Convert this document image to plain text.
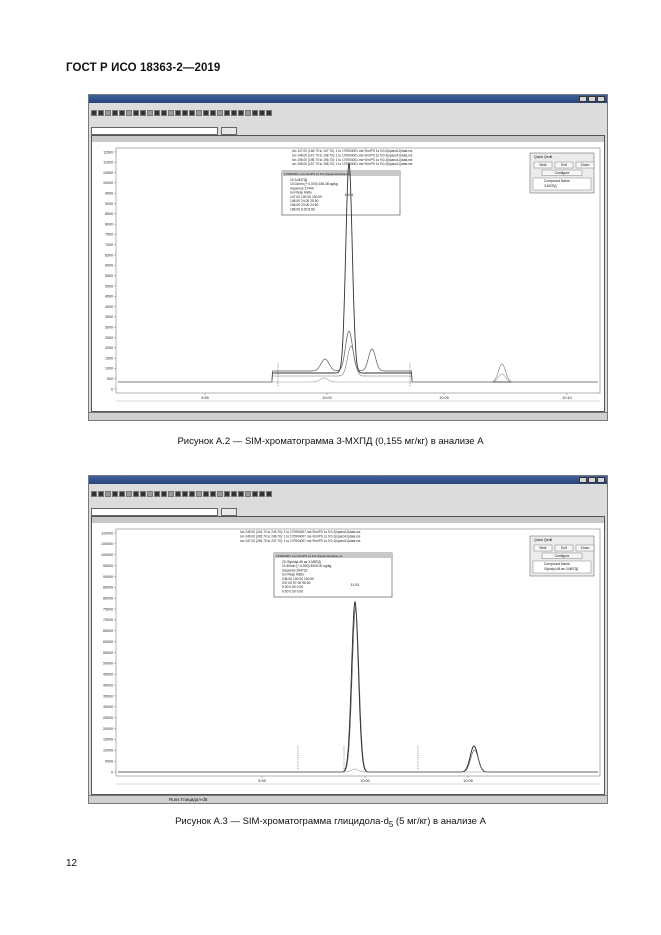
ГОСТ Р ИСО 18363-2—2019
11500
11000
10500
10000
9500
9000
8500
8000
7500
7000
6500
6000
5500
5000
4500
4000
3500
3000
2500
2000
1500
1000
500
0
9:55	10:00	10:05	10:10
Ion 147.00 (146.70 to 147.70): 1 to 170904001.ms+Sm/PS 1s 9:0-2(sparcA1)data.ms
Ion 148.00 (147.70 to 148.70): 1 to 170904001.ms+Sm/PS 1s 9:0-2(sparcA1)data.ms
Ion 196.00 (195.70 to 196.70): 1 to 170904001.ms+Sm/PS 1s 9:0-2(sparcA1)data.ms
Ion 198.00 (197.70 to 198.70): 1 to 170904001.ms+Sm/PS 1s 9:0-2(sparcA1)data.ms
170904001.ms+Sm/PS 1s 9:0-2(sparcA1)data.ms
10 3-МХПД
10.01min (+ 0.000) 155.38 ug/kg
response 17440
Ion Resp Ratio
147.00 100.00 100.00
148.00 24.00 25.50
196.00 23.00 24.50
198.00 8.00 8.50
Quick Qedit
Next	Exit	Zoom
Configure
Compound Name
3-МХПД
10:01
Рисунок А.2 — SIM-хроматограмма 3-МХПД (0,155 мг/кг) в анализе А
110000
105000
100000
95000
90000
85000
80000
75000
70000
65000
60000
55000
50000
45000
40000
35000
30000
25000
20000
15000
10000
5000
0
9:55	10:00	10:05
Ion 245.00 (244.70 to 245.70): 1 to 170904007.ms+Sm/PS 1s 9:0-2(sparcA1)data.ms
Ion 246.00 (245.70 to 246.70): 1 to 170904007.ms+Sm/PS 1s 9:0-2(sparcA1)data.ms
Ion 247.00 (246.70 to 247.70): 1 to 170904007.ms+Sm/PS 1s 9:0-2(sparcA1)data.ms
170904007.ms+Sm/PS 1s 9:0-2(sparcA1)data.ms
20 Glycidyl-d5 as 3-МБПД
11.50min (+ 0.000) 5000.00 ug/kg
response 294722
Ion Resp Ratio
245.00 100.00 100.00
247.00 97.00 96.50
0.00 0.00 0.00
0.00 0.00 0.00
Quick Qedit
Next	Exit	Zoom
Configure
Compound Name
Glycidyl-d5 as 3-МБПД
11:51
Runs Глицидол-d5
Рисунок А.3 — SIM-хроматограмма глицидола-$d_5$ (5 мг/кг) в анализе А
12
